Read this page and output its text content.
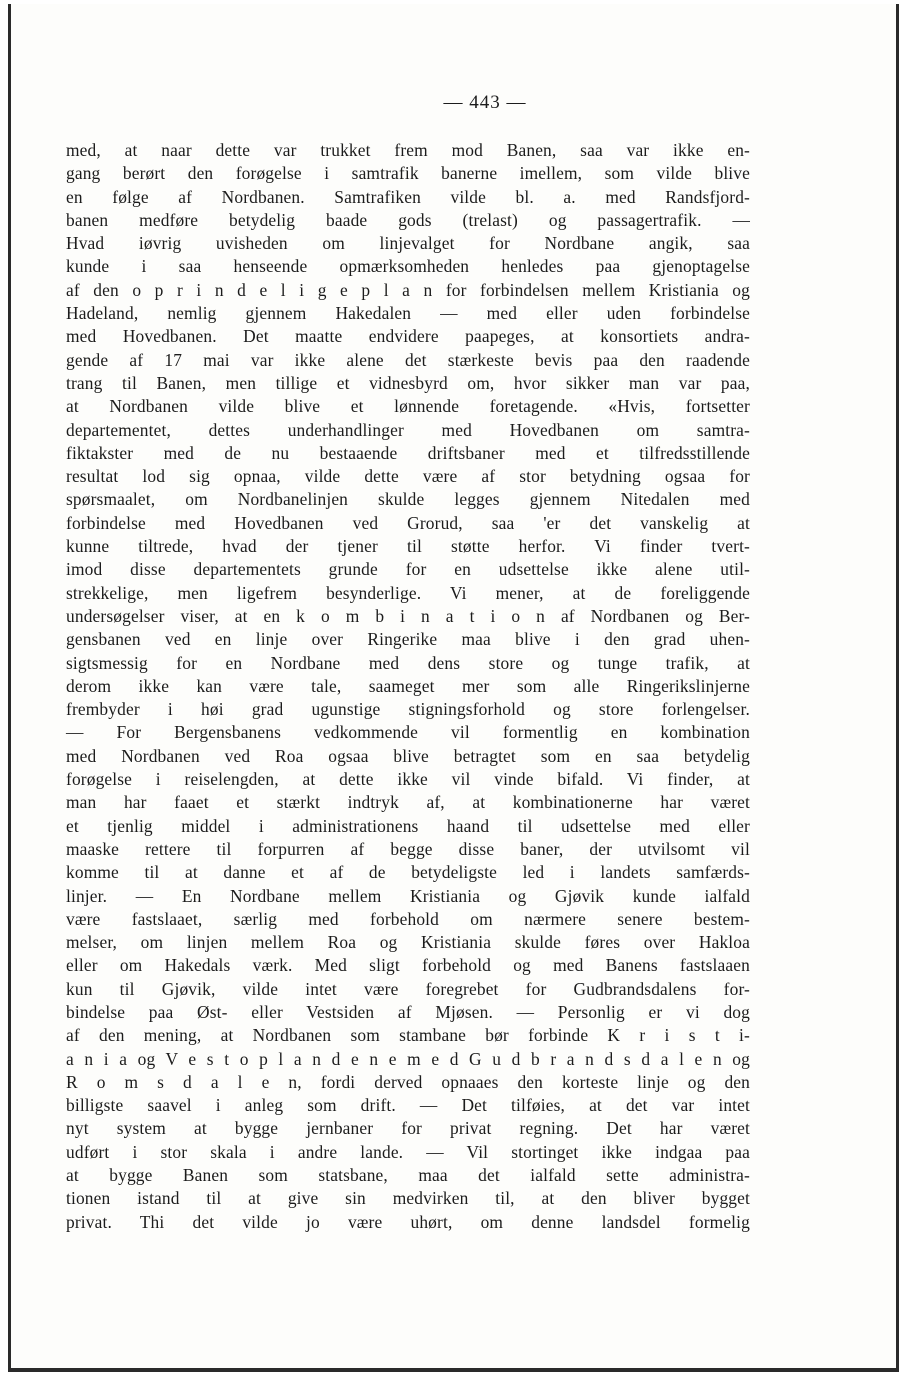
— 443 —
med, at naar dette var trukket frem mod Banen, saa var ikke en-
gang berørt den forøgelse i samtrafik banerne imellem, som vilde blive
en følge af Nordbanen. Samtrafiken vilde bl. a. med Randsfjord-
banen medføre betydelig baade gods (trelast) og passagertrafik. —
Hvad iøvrig uvisheden om linjevalget for Nordbane angik, saa
kunde i saa henseende opmærksomheden henledes paa gjenoptagelse
af den o p r i n d e l i g e p l a n for forbindelsen mellem Kristiania og
Hadeland, nemlig gjennem Hakedalen — med eller uden forbindelse
med Hovedbanen. Det maatte endvidere paapeges, at konsortiets andra-
gende af 17 mai var ikke alene det stærkeste bevis paa den raadende
trang til Banen, men tillige et vidnesbyrd om, hvor sikker man var paa,
at Nordbanen vilde blive et lønnende foretagende. «Hvis, fortsetter
departementet, dettes underhandlinger med Hovedbanen om samtra-
fiktakster med de nu bestaaende driftsbaner med et tilfredsstillende
resultat lod sig opnaa, vilde dette være af stor betydning ogsaa for
spørsmaalet, om Nordbanelinjen skulde legges gjennem Nitedalen med
forbindelse med Hovedbanen ved Grorud, saa 'er det vanskelig at
kunne tiltrede, hvad der tjener til støtte herfor. Vi finder tvert-
imod disse departementets grunde for en udsettelse ikke alene util-
strekkelige, men ligefrem besynderlige. Vi mener, at de foreliggende
undersøgelser viser, at en k o m b i n a t i o n af Nordbanen og Ber-
gensbanen ved en linje over Ringerike maa blive i den grad uhen-
sigtsmessig for en Nordbane med dens store og tunge trafik, at
derom ikke kan være tale, saameget mer som alle Ringerikslinjerne
frembyder i høi grad ugunstige stigningsforhold og store forlengelser.
— For Bergensbanens vedkommende vil formentlig en kombination
med Nordbanen ved Roa ogsaa blive betragtet som en saa betydelig
forøgelse i reiselengden, at dette ikke vil vinde bifald. Vi finder, at
man har faaet et stærkt indtryk af, at kombinationerne har været
et tjenlig middel i administrationens haand til udsettelse med eller
maaske rettere til forpurren af begge disse baner, der utvilsomt vil
komme til at danne et af de betydeligste led i landets samfærds-
linjer. — En Nordbane mellem Kristiania og Gjøvik kunde ialfald
være fastslaaet, særlig med forbehold om nærmere senere bestem-
melser, om linjen mellem Roa og Kristiania skulde føres over Hakloa
eller om Hakedals værk. Med sligt forbehold og med Banens fastslaaen
kun til Gjøvik, vilde intet være foregrebet for Gudbrandsdalens for-
bindelse paa Øst- eller Vestsiden af Mjøsen. — Personlig er vi dog
af den mening, at Nordbanen som stambane bør forbinde K r i s t i-
a n i a og V e s t o p l a n d e n e m e d G u d b r a n d s d a l e n og
R o m s d a l e n, fordi derved opnaaes den korteste linje og den
billigste saavel i anleg som drift. — Det tilføies, at det var intet
nyt system at bygge jernbaner for privat regning. Det har været
udført i stor skala i andre lande. — Vil stortinget ikke indgaa paa
at bygge Banen som statsbane, maa det ialfald sette administra-
tionen istand til at give sin medvirken til, at den bliver bygget
privat. Thi det vilde jo være uhørt, om denne landsdel formelig
